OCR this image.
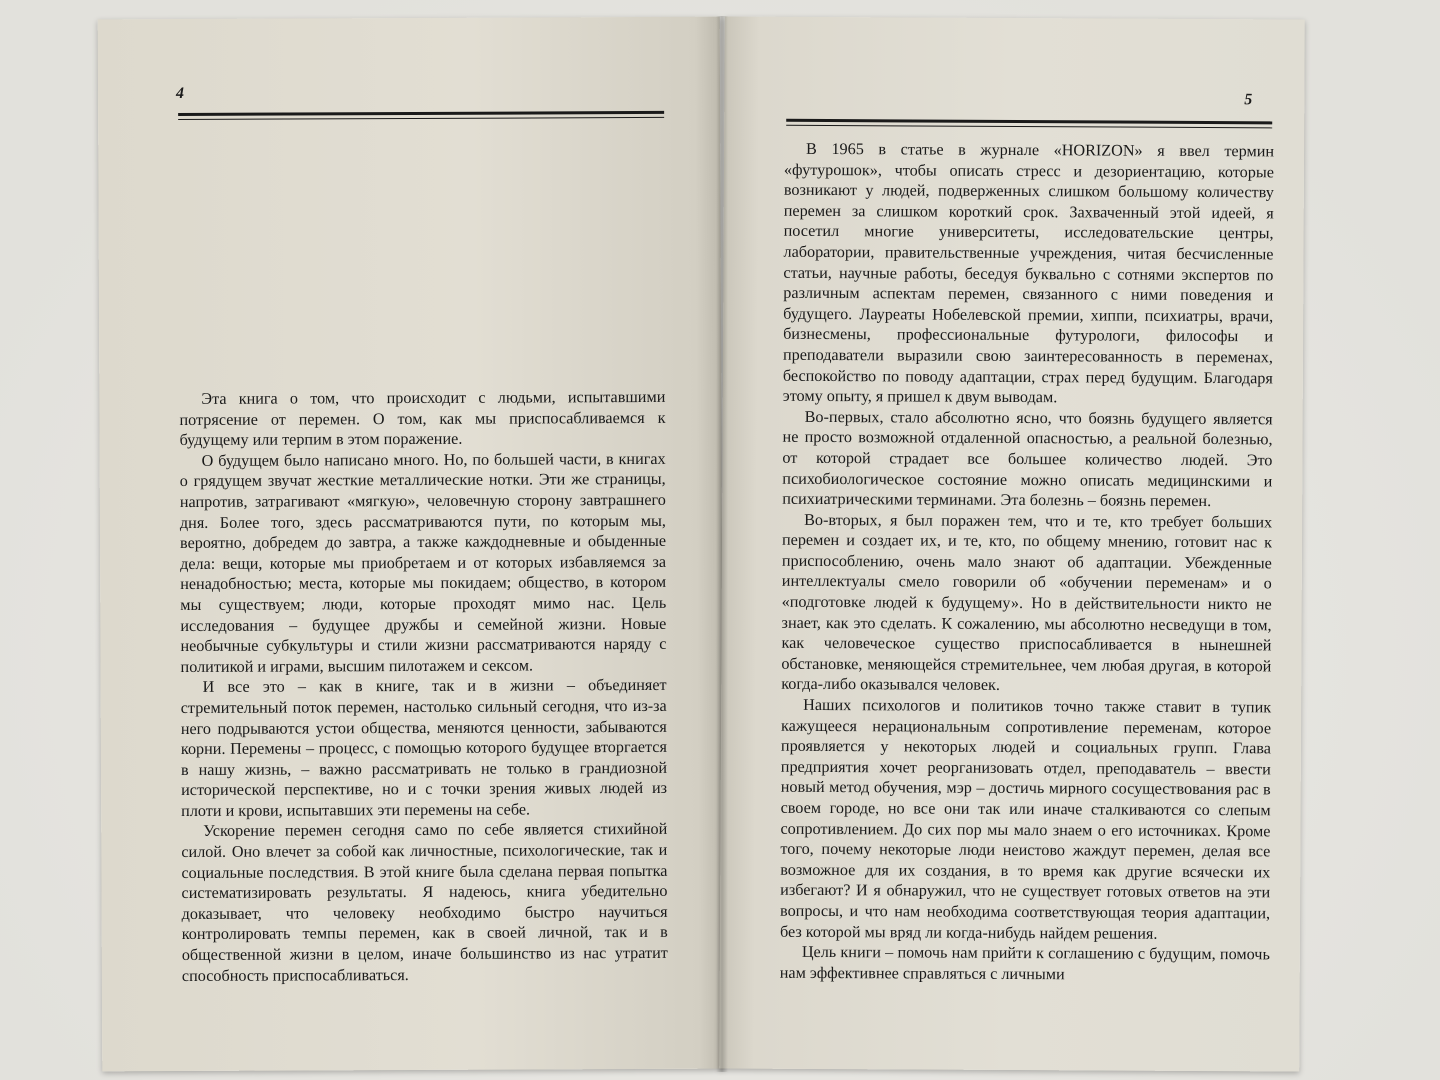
4

Эта книга о том, что происходит с людьми, испытавшими потрясение от перемен. О том, как мы приспосабливаемся к будущему или терпим в этом поражение.

О будущем было написано много. Но, по большей части, в книгах о грядущем звучат жесткие металлические нотки. Эти же страницы, напротив, затрагивают «мягкую», человечную сторону завтрашнего дня. Более того, здесь рассматриваются пути, по которым мы, вероятно, добредем до завтра, а также каждодневные и обыденные дела: вещи, которые мы приобретаем и от которых избавляемся за ненадобностью; места, которые мы покидаем; общество, в котором мы существуем; люди, которые проходят мимо нас. Цель исследования – будущее дружбы и семейной жизни. Новые необычные субкультуры и стили жизни рассматриваются наряду с политикой и играми, высшим пилотажем и сексом.

И все это – как в книге, так и в жизни – объединяет стремительный поток перемен, настолько сильный сегодня, что из-за него подрываются устои общества, меняются ценности, забываются корни. Перемены – процесс, с помощью которого будущее вторгается в нашу жизнь, – важно рассматривать не только в грандиозной исторической перспективе, но и с точки зрения живых людей из плоти и крови, испытавших эти перемены на себе.

Ускорение перемен сегодня само по себе является стихийной силой. Оно влечет за собой как личностные, психологические, так и социальные последствия. В этой книге была сделана первая попытка систематизировать результаты. Я надеюсь, книга убедительно доказывает, что человеку необходимо быстро научиться контролировать темпы перемен, как в своей личной, так и в общественной жизни в целом, иначе большинство из нас утратит способность приспосабливаться.

5

В 1965 в статье в журнале «HORIZON» я ввел термин «футурошок», чтобы описать стресс и дезориентацию, которые возникают у людей, подверженных слишком большому количеству перемен за слишком короткий срок. Захваченный этой идеей, я посетил многие университеты, исследовательские центры, лаборатории, правительственные учреждения, читая бесчисленные статьи, научные работы, беседуя буквально с сотнями экспертов по различным аспектам перемен, связанного с ними поведения и будущего. Лауреаты Нобелевской премии, хиппи, психиатры, врачи, бизнесмены, профессиональные футурологи, философы и преподаватели выразили свою заинтересованность в переменах, беспокойство по поводу адаптации, страх перед будущим. Благодаря этому опыту, я пришел к двум выводам.

Во-первых, стало абсолютно ясно, что боязнь будущего является не просто возможной отдаленной опасностью, а реальной болезнью, от которой страдает все большее количество людей. Это психобиологическое состояние можно описать медицинскими и психиатрическими терминами. Эта болезнь – боязнь перемен.

Во-вторых, я был поражен тем, что и те, кто требует больших перемен и создает их, и те, кто, по общему мнению, готовит нас к приспособлению, очень мало знают об адаптации. Убежденные интеллектуалы смело говорили об «обучении переменам» и о «подготовке людей к будущему». Но в действительности никто не знает, как это сделать. К сожалению, мы абсолютно несведущи в том, как человеческое существо приспосабливается в нынешней обстановке, меняющейся стремительнее, чем любая другая, в которой когда-либо оказывался человек.

Наших психологов и политиков точно также ставит в тупик кажущееся нерациональным сопротивление переменам, которое проявляется у некоторых людей и социальных групп. Глава предприятия хочет реорганизовать отдел, преподаватель – ввести новый метод обучения, мэр – достичь мирного сосуществования рас в своем городе, но все они так или иначе сталкиваются со слепым сопротивлением. До сих пор мы мало знаем о его источниках. Кроме того, почему некоторые люди неистово жаждут перемен, делая все возможное для их создания, в то время как другие всячески их избегают? И я обнаружил, что не существует готовых ответов на эти вопросы, и что нам необходима соответствующая теория адаптации, без которой мы вряд ли когда-нибудь найдем решения.

Цель книги – помочь нам прийти к соглашению с будущим, помочь нам эффективнее справляться с личными
